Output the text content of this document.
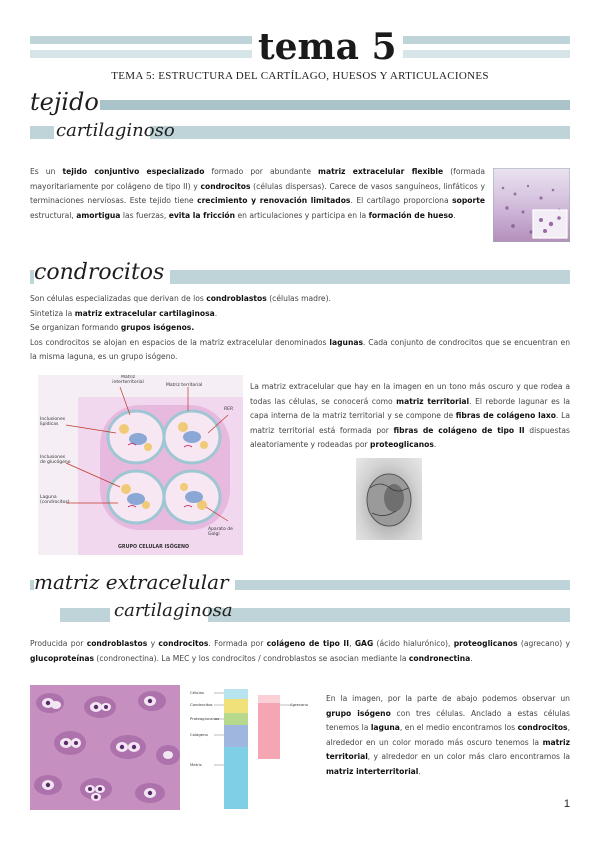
tema 5
TEMA 5: ESTRUCTURA DEL CARTÍLAGO, HUESOS Y ARTICULACIONES
tejido
cartilaginoso
Es un tejido conjuntivo especializado formado por abundante matriz extracelular flexible (formada mayoritariamente por colágeno de tipo II) y condrocitos (células dispersas). Carece de vasos sanguíneos, linfáticos y terminaciones nerviosas. Este tejido tiene crecimiento y renovación limitados. El cartílago proporciona soporte estructural, amortigua las fuerzas, evita la fricción en articulaciones y participa en la formación de hueso.
condrocitos
Son células especializadas que derivan de los condroblastos (células madre).
Sintetiza la matriz extracelular cartilaginosa.
Se organizan formando grupos isógenos.
Los condrocitos se alojan en espacios de la matriz extracelular denominados lagunas. Cada conjunto de condrocitos que se encuentran en la misma laguna, es un grupo isógeno.
Matriz interterritorial
Matriz territorial
Inclusiones lipídicas
Inclusiones de glucógeno
Laguna (condrocitos)
RER
Aparato de Golgi
GRUPO CELULAR ISÓGENO
La matriz extracelular que hay en la imagen en un tono más oscuro y que rodea a todas las células, se conocerá como matriz territorial. El reborde lagunar es la capa interna de la matriz territorial y se compone de fibras de colágeno laxo. La matriz territorial está formada por fibras de colágeno de tipo II dispuestas aleatoriamente y rodeadas por proteoglicanos.
matriz extracelular
cartilaginosa
Producida por condroblastos y condrocitos. Formada por colágeno de tipo II, GAG (ácido hialurónico), proteoglicanos (agrecano) y glucoproteínas (condronectina). La MEC y los condrocitos / condroblastos se asocian mediante la condronectina.
Células
Condrocitos
Proteoglucanos
Colágeno
Matriz
Agrecano
En la imagen, por la parte de abajo podemos observar un grupo isógeno con tres células. Anclado a estas células tenemos la laguna, en el medio encontramos los condrocitos, alrededor en un color morado más oscuro tenemos la matriz territorial, y alrededor en un color más claro encontramos la matriz interterritorial.
1
